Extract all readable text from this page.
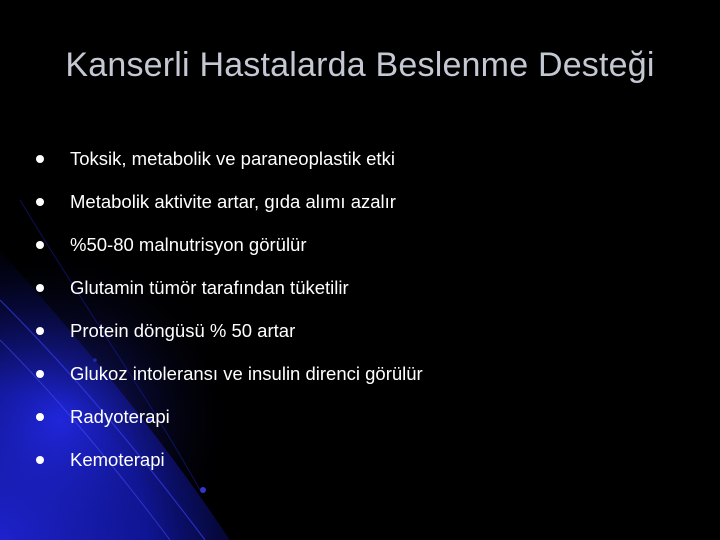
Kanserli Hastalarda Beslenme Desteği
Toksik, metabolik ve paraneoplastik etki
Metabolik aktivite artar, gıda alımı azalır
%50-80 malnutrisyon görülür
Glutamin tümör tarafından tüketilir
Protein döngüsü % 50 artar
Glukoz intoleransı ve insulin direnci görülür
Radyoterapi
Kemoterapi
